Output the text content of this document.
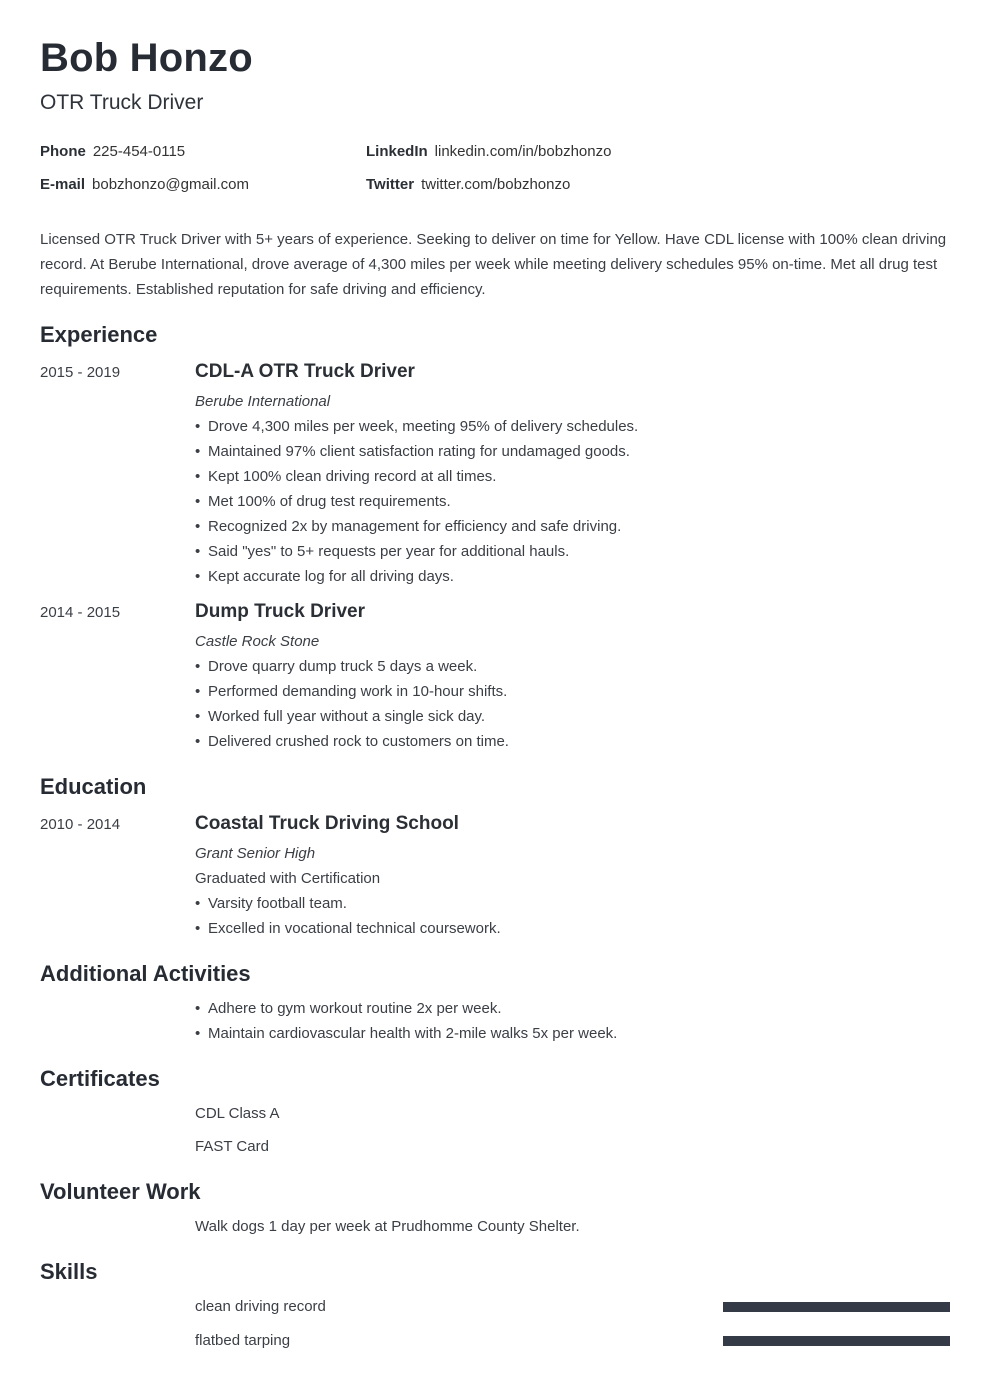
Bob Honzo
OTR Truck Driver
Phone 225-454-0115
E-mail bobzhonzo@gmail.com
LinkedIn linkedin.com/in/bobzhonzo
Twitter twitter.com/bobzhonzo
Licensed OTR Truck Driver with 5+ years of experience. Seeking to deliver on time for Yellow. Have CDL license with 100% clean driving record. At Berube International, drove average of 4,300 miles per week while meeting delivery schedules 95% on-time. Met all drug test requirements. Established reputation for safe driving and efficiency.
Experience
2015 - 2019	CDL-A OTR Truck Driver
Berube International
• Drove 4,300 miles per week, meeting 95% of delivery schedules.
• Maintained 97% client satisfaction rating for undamaged goods.
• Kept 100% clean driving record at all times.
• Met 100% of drug test requirements.
• Recognized 2x by management for efficiency and safe driving.
• Said "yes" to 5+ requests per year for additional hauls.
• Kept accurate log for all driving days.
2014 - 2015	Dump Truck Driver
Castle Rock Stone
• Drove quarry dump truck 5 days a week.
• Performed demanding work in 10-hour shifts.
• Worked full year without a single sick day.
• Delivered crushed rock to customers on time.
Education
2010 - 2014	Coastal Truck Driving School
Grant Senior High
Graduated with Certification
• Varsity football team.
• Excelled in vocational technical coursework.
Additional Activities
• Adhere to gym workout routine 2x per week.
• Maintain cardiovascular health with 2-mile walks 5x per week.
Certificates
CDL Class A
FAST Card
Volunteer Work
Walk dogs 1 day per week at Prudhomme County Shelter.
Skills
clean driving record
flatbed tarping
